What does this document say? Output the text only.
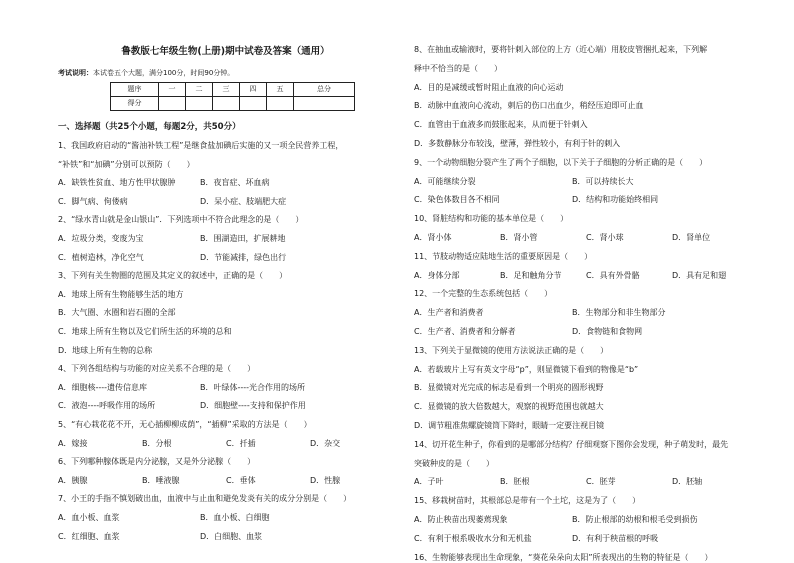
鲁教版七年级生物(上册)期中试卷及答案（通用）
考试说明：本试卷五个大题，满分100分，时间90分钟。
题序	一	二	三	四	五	总分
得分						
一、选择题（共25个小题，每题2分，共50分）
1、我国政府启动的“酱油补铁工程”是继食盐加碘后实施的又一项全民营养工程，
“补铁”和“加碘”分别可以预防（　　）
A．缺铁性贫血、地方性甲状腺肿	B．夜盲症、坏血病
C．脚气病、佝偻病	D．呆小症、肢端肥大症
2、“绿水青山就是金山银山”．下列选项中不符合此理念的是（　　）
A．垃圾分类，变废为宝	B．围湖造田，扩展耕地
C．植树造林，净化空气	D．节能减排，绿色出行
3、下列有关生物圈的范围及其定义的叙述中，正确的是（　　）
A．地球上所有生物能够生活的地方
B．大气圈、水圈和岩石圈的全部
C．地球上所有生物以及它们所生活的环境的总和
D．地球上所有生物的总称
4、下列各组结构与功能的对应关系不合理的是（　　）
A．细胞核----遗传信息库	B．叶绿体----光合作用的场所
C．液泡----呼吸作用的场所	D．细胞壁----支持和保护作用
5、“有心栽花花不开，无心插柳柳成荫”，“插柳”采取的方法是（　　）
A．嫁接	B．分根	C．扦插	D．杂交
6、下列哪种腺体既是内分泌腺，又是外分泌腺（　　）
A．胰腺	B．唾液腺	C．垂体	D．性腺
7、小王的手指不慎划破出血，血液中与止血和避免发炎有关的成分分别是（　　）
A．血小板、血浆	B．血小板、白细胞
C．红细胞、血浆	D．白细胞、血浆
8、在抽血或输液时，要将针刺入部位的上方（近心端）用胶皮管捆扎起来，下列解
释中不恰当的是（　　）
A．目的是减缓或暂时阻止血液的向心运动
B．动脉中血液向心流动，刺后的伤口出血少，稍经压迫即可止血
C．血管由于血液多而鼓胀起来，从而便于针刺入
D．多数静脉分布较浅，壁薄，弹性较小，有利于针的刺入
9、一个动物细胞分裂产生了两个子细胞，以下关于子细胞的分析正确的是（　　）
A．可能继续分裂	B．可以持续长大
C．染色体数目各不相同	D．结构和功能始终相同
10、肾脏结构和功能的基本单位是（　　）
A．肾小体	B．肾小管	C．肾小球	D．肾单位
11、节肢动物适应陆地生活的重要原因是（　　）
A．身体分部	B．足和触角分节	C．具有外骨骼	D．具有足和翅
12、一个完整的生态系统包括（　　）
A．生产者和消费者	B．生物部分和非生物部分
C．生产者、消费者和分解者	D．食物链和食物网
13、下列关于显微镜的使用方法说法正确的是（　　）
A．若载玻片上写有英文字母“p”，则显微镜下看到的物像是“b”
B．显微镜对光完成的标志是看到一个明亮的圆形视野
C．显微镜的放大倍数越大，观察的视野范围也就越大
D．调节粗准焦螺旋镜筒下降时，眼睛一定要注视目镜
14、切开花生种子，你看到的是哪部分结构？仔细观察下图你会发现，种子萌发时，最先
突破种皮的是（　　）
A．子叶	B．胚根	C．胚芽	D．胚轴
15、移栽树苗时，其根部总是带有一个土坨，这是为了（　　）
A．防止秧苗出现萎蔫现象	B．防止根部的幼根和根毛受到损伤
C．有利于根系吸收水分和无机盐	D．有利于秧苗根的呼吸
16、生物能够表现出生命现象，“葵花朵朵向太阳”所表现出的生物的特征是（　　）
